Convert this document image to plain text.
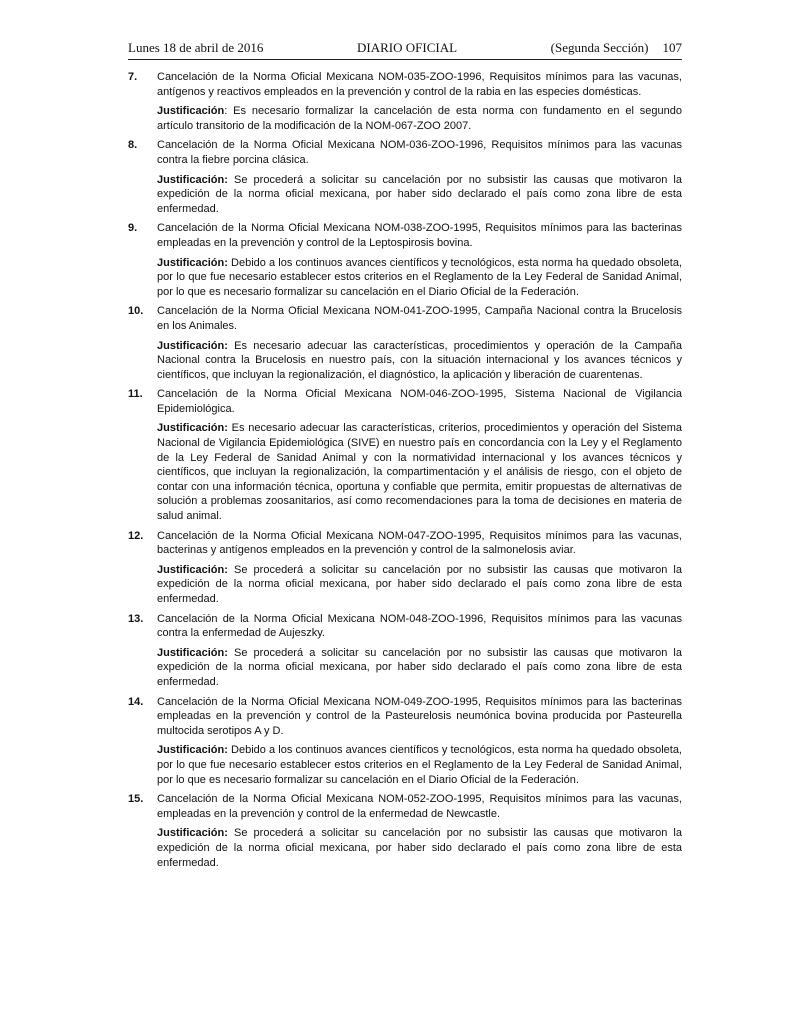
Lunes 18 de abril de 2016	DIARIO OFICIAL	(Segunda Sección) 107
7.	Cancelación de la Norma Oficial Mexicana NOM-035-ZOO-1996, Requisitos mínimos para las vacunas, antígenos y reactivos empleados en la prevención y control de la rabia en las especies domésticas.

Justificación: Es necesario formalizar la cancelación de esta norma con fundamento en el segundo artículo transitorio de la modificación de la NOM-067-ZOO 2007.

8.	Cancelación de la Norma Oficial Mexicana NOM-036-ZOO-1996, Requisitos mínimos para las vacunas contra la fiebre porcina clásica.

Justificación: Se procederá a solicitar su cancelación por no subsistir las causas que motivaron la expedición de la norma oficial mexicana, por haber sido declarado el país como zona libre de esta enfermedad.

9.	Cancelación de la Norma Oficial Mexicana NOM-038-ZOO-1995, Requisitos mínimos para las bacterinas empleadas en la prevención y control de la Leptospirosis bovina.

Justificación: Debido a los continuos avances científicos y tecnológicos, esta norma ha quedado obsoleta, por lo que fue necesario establecer estos criterios en el Reglamento de la Ley Federal de Sanidad Animal, por lo que es necesario formalizar su cancelación en el Diario Oficial de la Federación.

10.	Cancelación de la Norma Oficial Mexicana NOM-041-ZOO-1995, Campaña Nacional contra la Brucelosis en los Animales.

Justificación: Es necesario adecuar las características, procedimientos y operación de la Campaña Nacional contra la Brucelosis en nuestro país, con la situación internacional y los avances técnicos y científicos, que incluyan la regionalización, el diagnóstico, la aplicación y liberación de cuarentenas.

11.	Cancelación de la Norma Oficial Mexicana NOM-046-ZOO-1995, Sistema Nacional de Vigilancia Epidemiológica.

Justificación: Es necesario adecuar las características, criterios, procedimientos y operación del Sistema Nacional de Vigilancia Epidemiológica (SIVE) en nuestro país en concordancia con la Ley y el Reglamento de la Ley Federal de Sanidad Animal y con la normatividad internacional y los avances técnicos y científicos, que incluyan la regionalización, la compartimentación y el análisis de riesgo, con el objeto de contar con una información técnica, oportuna y confiable que permita, emitir propuestas de alternativas de solución a problemas zoosanitarios, así como recomendaciones para la toma de decisiones en materia de salud animal.

12.	Cancelación de la Norma Oficial Mexicana NOM-047-ZOO-1995, Requisitos mínimos para las vacunas, bacterinas y antígenos empleados en la prevención y control de la salmonelosis aviar.

Justificación: Se procederá a solicitar su cancelación por no subsistir las causas que motivaron la expedición de la norma oficial mexicana, por haber sido declarado el país como zona libre de esta enfermedad.

13.	Cancelación de la Norma Oficial Mexicana NOM-048-ZOO-1996, Requisitos mínimos para las vacunas contra la enfermedad de Aujeszky.

Justificación: Se procederá a solicitar su cancelación por no subsistir las causas que motivaron la expedición de la norma oficial mexicana, por haber sido declarado el país como zona libre de esta enfermedad.

14.	Cancelación de la Norma Oficial Mexicana NOM-049-ZOO-1995, Requisitos mínimos para las bacterinas empleadas en la prevención y control de la Pasteurelosis neumónica bovina producida por Pasteurella multocida serotipos A y D.

Justificación: Debido a los continuos avances científicos y tecnológicos, esta norma ha quedado obsoleta, por lo que fue necesario establecer estos criterios en el Reglamento de la Ley Federal de Sanidad Animal, por lo que es necesario formalizar su cancelación en el Diario Oficial de la Federación.

15.	Cancelación de la Norma Oficial Mexicana NOM-052-ZOO-1995, Requisitos mínimos para las vacunas, empleadas en la prevención y control de la enfermedad de Newcastle.

Justificación: Se procederá a solicitar su cancelación por no subsistir las causas que motivaron la expedición de la norma oficial mexicana, por haber sido declarado el país como zona libre de esta enfermedad.
